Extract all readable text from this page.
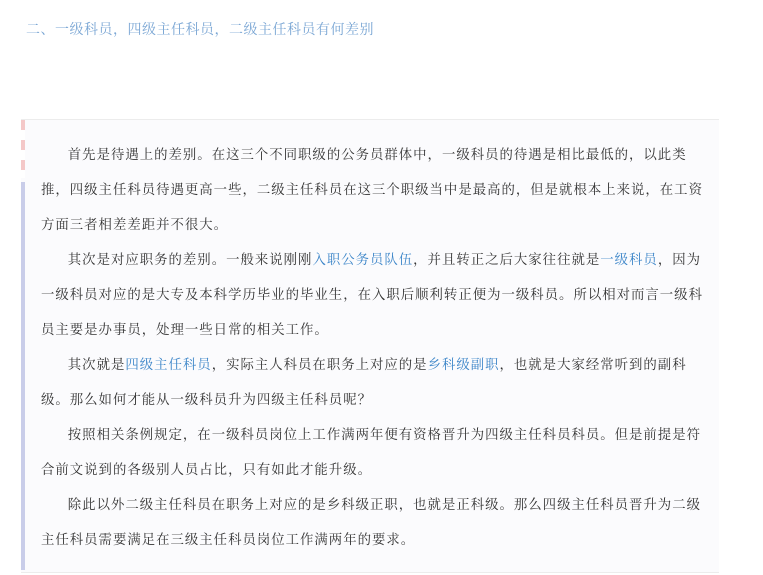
二、一级科员，四级主任科员，二级主任科员有何差别

首先是待遇上的差别。在这三个不同职级的公务员群体中，一级科员的待遇是相比最低的，以此类推，四级主任科员待遇更高一些，二级主任科员在这三个职级当中是最高的，但是就根本上来说，在工资方面三者相差差距并不很大。

其次是对应职务的差别。一般来说刚刚入职公务员队伍，并且转正之后大家往往就是一级科员，因为一级科员对应的是大专及本科学历毕业的毕业生，在入职后顺利转正便为一级科员。所以相对而言一级科员主要是办事员，处理一些日常的相关工作。

其次就是四级主任科员，实际主人科员在职务上对应的是乡科级副职，也就是大家经常听到的副科级。那么如何才能从一级科员升为四级主任科员呢？

按照相关条例规定，在一级科员岗位上工作满两年便有资格晋升为四级主任科员科员。但是前提是符合前文说到的各级别人员占比，只有如此才能升级。

除此以外二级主任科员在职务上对应的是乡科级正职，也就是正科级。那么四级主任科员晋升为二级主任科员需要满足在三级主任科员岗位工作满两年的要求。
